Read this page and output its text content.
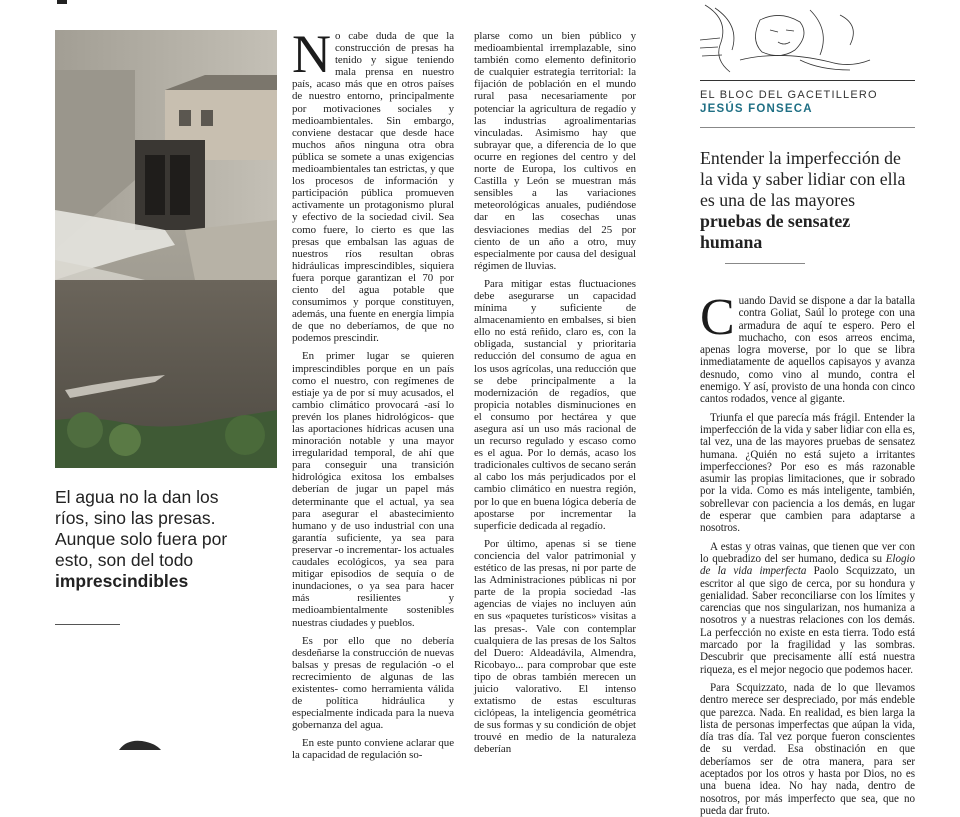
El agua no la dan los ríos, sino las presas. Aunque solo fuera por esto, son del todo imprescindibles

No cabe duda de que la construcción de presas ha tenido y sigue teniendo mala prensa en nuestro país, acaso más que en otros países de nuestro entorno, principalmente por motivaciones sociales y medioambientales. Sin embargo, conviene destacar que desde hace muchos años ninguna otra obra pública se somete a unas exigencias medioambientales tan estrictas, y que los procesos de información y participación pública promueven activamente un protagonismo plural y efectivo de la sociedad civil. Sea como fuere, lo cierto es que las presas que embalsan las aguas de nuestros ríos resultan obras hidráulicas imprescindibles, siquiera fuera porque garantizan el 70 por ciento del agua potable que consumimos y porque constituyen, además, una fuente en energía limpia de que no deberíamos, de que no podemos prescindir.

En primer lugar se quieren imprescindibles porque en un país como el nuestro, con regímenes de estiaje ya de por sí muy acusados, el cambio climático provocará -así lo prevén los planes hidrológicos- que las aportaciones hídricas acusen una minoración notable y una mayor irregularidad temporal, de ahí que para conseguir una transición hidrológica exitosa los embalses deberían de jugar un papel más determinante que el actual, ya sea para asegurar el abastecimiento humano y de uso industrial con una garantía suficiente, ya sea para preservar -o incrementar- los actuales caudales ecológicos, ya sea para mitigar episodios de sequía o de inundaciones, o ya sea para hacer más resilientes y medioambientalmente sostenibles nuestras ciudades y pueblos.

Es por ello que no debería desdeñarse la construcción de nuevas balsas y presas de regulación -o el recrecimiento de algunas de las existentes- como herramienta válida de política hidráulica y especialmente indicada para la nueva gobernanza del agua.

En este punto conviene aclarar que la capacidad de regulación so-

plarse como un bien público y medioambiental irremplazable, sino también como elemento definitorio de cualquier estrategia territorial: la fijación de población en el mundo rural pasa necesariamente por potenciar la agricultura de regadío y las industrias agroalimentarias vinculadas. Asimismo hay que subrayar que, a diferencia de lo que ocurre en regiones del centro y del norte de Europa, los cultivos en Castilla y León se muestran más sensibles a las variaciones meteorológicas anuales, pudiéndose dar en las cosechas unas desviaciones medias del 25 por ciento de un año a otro, muy especialmente por causa del desigual régimen de lluvias.

Para mitigar estas fluctuaciones debe asegurarse un capacidad mínima y suficiente de almacenamiento en embalses, si bien ello no está reñido, claro es, con la obligada, sustancial y prioritaria reducción del consumo de agua en los usos agrícolas, una reducción que se debe principalmente a la modernización de regadíos, que propicia notables disminuciones en el consumo por hectárea y que asegura así un uso más racional de un recurso regulado y escaso como es el agua. Por lo demás, acaso los tradicionales cultivos de secano serán al cabo los más perjudicados por el cambio climático en nuestra región, por lo que en buena lógica debería de apostarse por incrementar la superficie dedicada al regadío.

Por último, apenas si se tiene conciencia del valor patrimonial y estético de las presas, ni por parte de las Administraciones públicas ni por parte de la propia sociedad -las agencias de viajes no incluyen aún en sus «paquetes turísticos» visitas a las presas-. Vale con contemplar cualquiera de las presas de los Saltos del Duero: Aldeadávila, Almendra, Ricobayo... para comprobar que este tipo de obras también merecen un juicio valorativo. El intenso extatismo de estas esculturas ciclópeas, la inteligencia geométrica de sus formas y su condición de objet trouvé en medio de la naturaleza deberían

EL BLOC DEL GACETILLERO
JESÚS FONSECA
Entender la imperfección de la vida y saber lidiar con ella es una de las mayores pruebas de sensatez humana

Cuando David se dispone a dar la batalla contra Goliat, Saúl lo protege con una armadura de aquí te espero. Pero el muchacho, con esos arreos encima, apenas logra moverse, por lo que se libra inmediatamente de aquellos capisayos y avanza desnudo, como vino al mundo, contra el enemigo. Y así, provisto de una honda con cinco cantos rodados, vence al gigante.

Triunfa el que parecía más frágil. Entender la imperfección de la vida y saber lidiar con ella es, tal vez, una de las mayores pruebas de sensatez humana. ¿Quién no está sujeto a irritantes imperfecciones? Por eso es más razonable asumir las propias limitaciones, que ir sobrado por la vida. Como es más inteligente, también, sobrellevar con paciencia a los demás, en lugar de esperar que cambien para adaptarse a nosotros.

A estas y otras vainas, que tienen que ver con lo quebradizo del ser humano, dedica su Elogio de la vida imperfecta Paolo Scquizzato, un escritor al que sigo de cerca, por su hondura y genialidad. Saber reconciliarse con los límites y carencias que nos singularizan, nos humaniza a nosotros y a nuestras relaciones con los demás. La perfección no existe en esta tierra. Todo está marcado por la fragilidad y las sombras. Descubrir que precisamente allí está nuestra riqueza, es el mejor negocio que podemos hacer.

Para Scquizzato, nada de lo que llevamos dentro merece ser despreciado, por más endeble que parezca. Nada. En realidad, es bien larga la lista de personas imperfectas que aúpan la vida, día tras día. Tal vez porque fueron conscientes de su verdad. Esa obstinación en que deberíamos ser de otra manera, para ser aceptados por los otros y hasta por Dios, no es una buena idea. No hay nada, dentro de nosotros, por más imperfecto que sea, que no pueda dar fruto.
